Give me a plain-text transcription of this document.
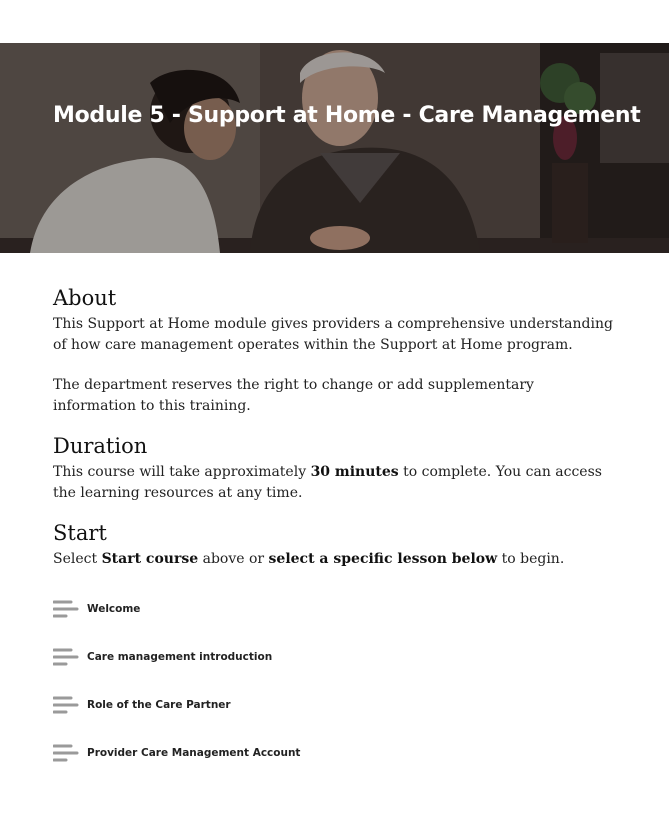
Module 5 - Support at Home - Care Management
About

This Support at Home module gives providers a comprehensive understanding of how care management operates within the Support at Home program.

The department reserves the right to change or add supplementary information to this training.

Duration

This course will take approximately 30 minutes to complete. You can access the learning resources at any time.

Start

Select Start course above or select a specific lesson below to begin.

Welcome
Care management introduction
Role of the Care Partner
Provider Care Management Account
